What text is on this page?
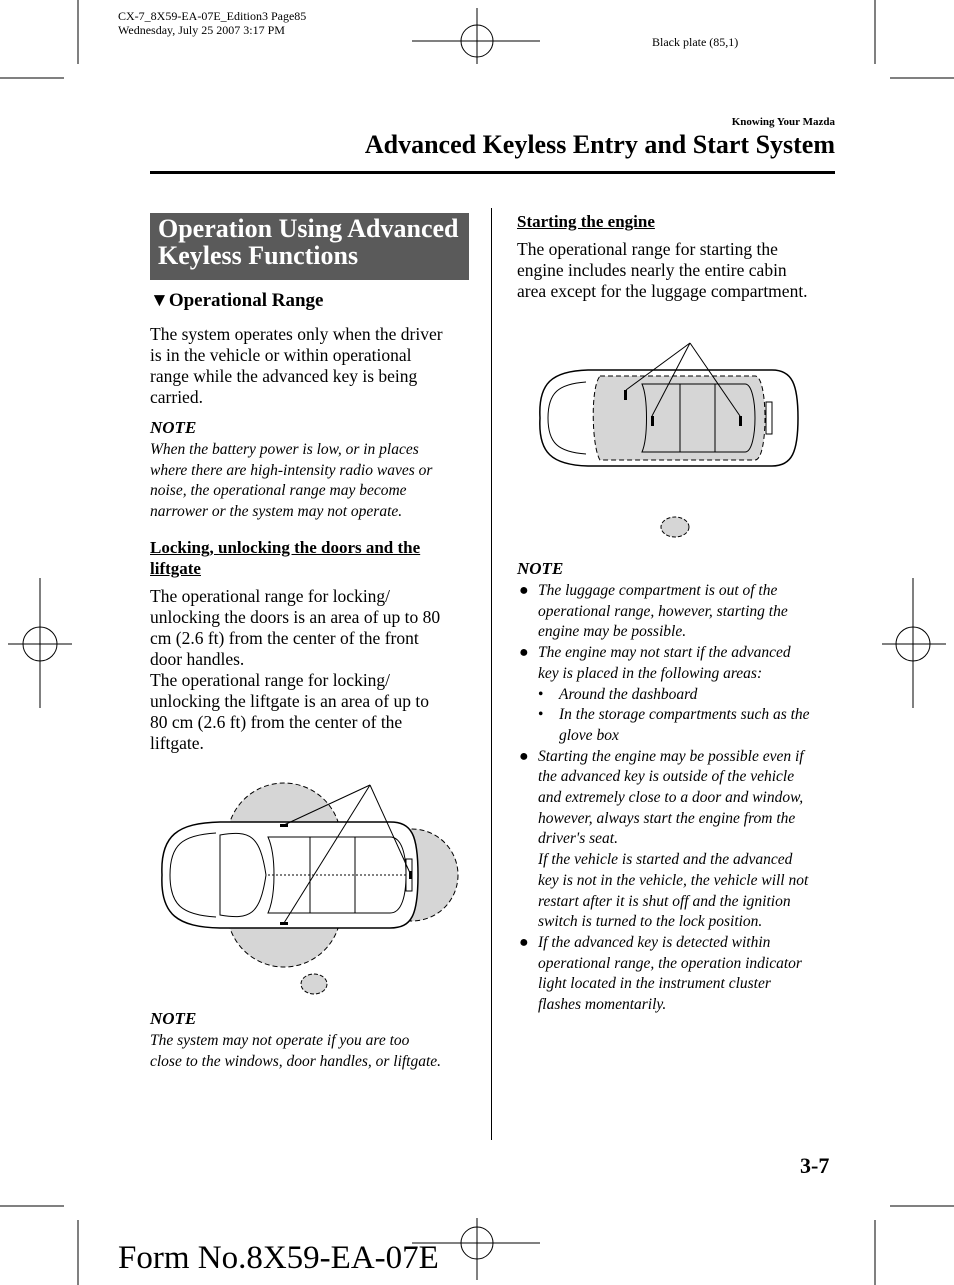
CX-7_8X59-EA-07E_Edition3 Page85
Wednesday, July 25 2007 3:17 PM
Black plate (85,1)
Knowing Your Mazda
Advanced Keyless Entry and Start System
Operation Using Advanced
Keyless Functions
▼Operational Range
The system operates only when the driver
is in the vehicle or within operational
range while the advanced key is being
carried.
NOTE
When the battery power is low, or in places
where there are high-intensity radio waves or
noise, the operational range may become
narrower or the system may not operate.
Locking, unlocking the doors and the
liftgate
The operational range for locking/
unlocking the doors is an area of up to 80
cm (2.6 ft) from the center of the front
door handles.
The operational range for locking/
unlocking the liftgate is an area of up to
80 cm (2.6 ft) from the center of the
liftgate.
NOTE
The system may not operate if you are too
close to the windows, door handles, or liftgate.
Starting the engine
The operational range for starting the
engine includes nearly the entire cabin
area except for the luggage compartment.
NOTE
● The luggage compartment is out of the
operational range, however, starting the
engine may be possible.
● The engine may not start if the advanced
key is placed in the following areas:
• Around the dashboard
• In the storage compartments such as the
glove box
● Starting the engine may be possible even if
the advanced key is outside of the vehicle
and extremely close to a door and window,
however, always start the engine from the
driver's seat.
If the vehicle is started and the advanced
key is not in the vehicle, the vehicle will not
restart after it is shut off and the ignition
switch is turned to the lock position.
● If the advanced key is detected within
operational range, the operation indicator
light located in the instrument cluster
flashes momentarily.
3-7
Form No.8X59-EA-07E
